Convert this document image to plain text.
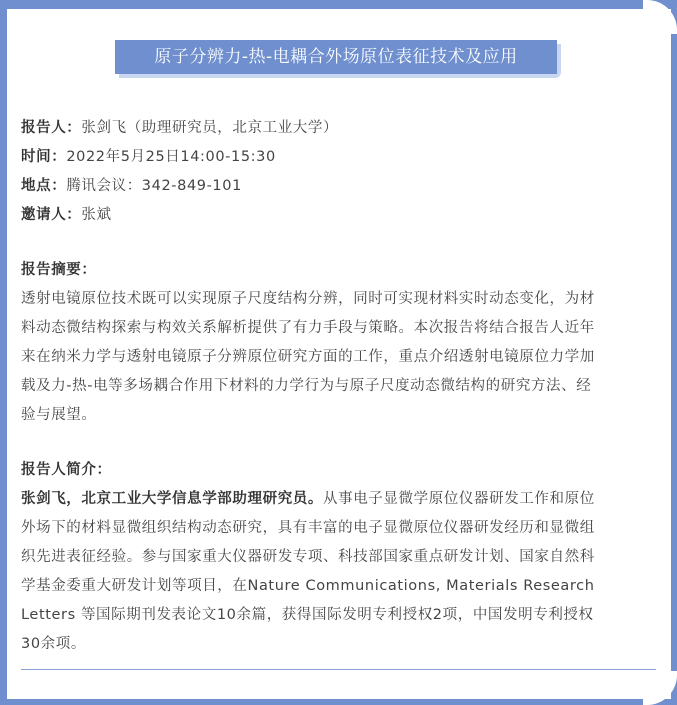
原子分辨力-热-电耦合外场原位表征技术及应用
报告人：张剑飞（助理研究员，北京工业大学）
时间：2022年5月25日14:00-15:30
地点：腾讯会议：342-849-101
邀请人：张斌
报告摘要：
透射电镜原位技术既可以实现原子尺度结构分辨，同时可实现材料实时动态变化，为材
料动态微结构探索与构效关系解析提供了有力手段与策略。本次报告将结合报告人近年
来在纳米力学与透射电镜原子分辨原位研究方面的工作，重点介绍透射电镜原位力学加
载及力-热-电等多场耦合作用下材料的力学行为与原子尺度动态微结构的研究方法、经
验与展望。
报告人简介：
张剑飞，北京工业大学信息学部助理研究员。从事电子显微学原位仪器研发工作和原位
外场下的材料显微组织结构动态研究，具有丰富的电子显微原位仪器研发经历和显微组
织先进表征经验。参与国家重大仪器研发专项、科技部国家重点研发计划、国家自然科
学基金委重大研发计划等项目，在Nature Communications, Materials Research
Letters 等国际期刊发表论文10余篇，获得国际发明专利授权2项，中国发明专利授权
30余项。
